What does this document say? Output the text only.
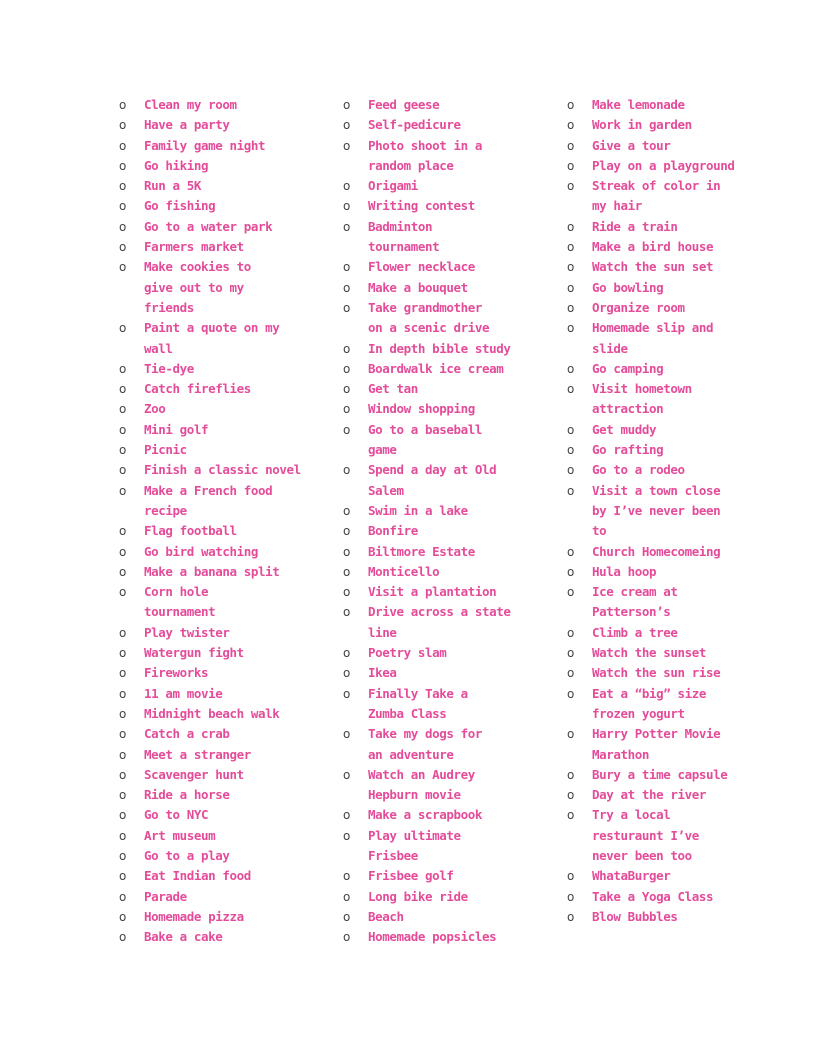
o Clean my room
o Have a party
o Family game night
o Go hiking
o Run a 5K
o Go fishing
o Go to a water park
o Farmers market
o Make cookies to
give out to my
friends
o Paint a quote on my
wall
o Tie-dye
o Catch fireflies
o Zoo
o Mini golf
o Picnic
o Finish a classic novel
o Make a French food
recipe
o Flag football
o Go bird watching
o Make a banana split
o Corn hole
tournament
o Play twister
o Watergun fight
o Fireworks
o 11 am movie
o Midnight beach walk
o Catch a crab
o Meet a stranger
o Scavenger hunt
o Ride a horse
o Go to NYC
o Art museum
o Go to a play
o Eat Indian food
o Parade
o Homemade pizza
o Bake a cake
o Feed geese
o Self-pedicure
o Photo shoot in a
random place
o Origami
o Writing contest
o Badminton
tournament
o Flower necklace
o Make a bouquet
o Take grandmother
on a scenic drive
o In depth bible study
o Boardwalk ice cream
o Get tan
o Window shopping
o Go to a baseball
game
o Spend a day at Old
Salem
o Swim in a lake
o Bonfire
o Biltmore Estate
o Monticello
o Visit a plantation
o Drive across a state
line
o Poetry slam
o Ikea
o Finally Take a
Zumba Class
o Take my dogs for
an adventure
o Watch an Audrey
Hepburn movie
o Make a scrapbook
o Play ultimate
Frisbee
o Frisbee golf
o Long bike ride
o Beach
o Homemade popsicles
o Make lemonade
o Work in garden
o Give a tour
o Play on a playground
o Streak of color in
my hair
o Ride a train
o Make a bird house
o Watch the sun set
o Go bowling
o Organize room
o Homemade slip and
slide
o Go camping
o Visit hometown
attraction
o Get muddy
o Go rafting
o Go to a rodeo
o Visit a town close
by I’ve never been
to
o Church Homecomeing
o Hula hoop
o Ice cream at
Patterson’s
o Climb a tree
o Watch the sunset
o Watch the sun rise
o Eat a “big” size
frozen yogurt
o Harry Potter Movie
Marathon
o Bury a time capsule
o Day at the river
o Try a local
resturaunt I’ve
never been too
o WhataBurger
o Take a Yoga Class
o Blow Bubbles
